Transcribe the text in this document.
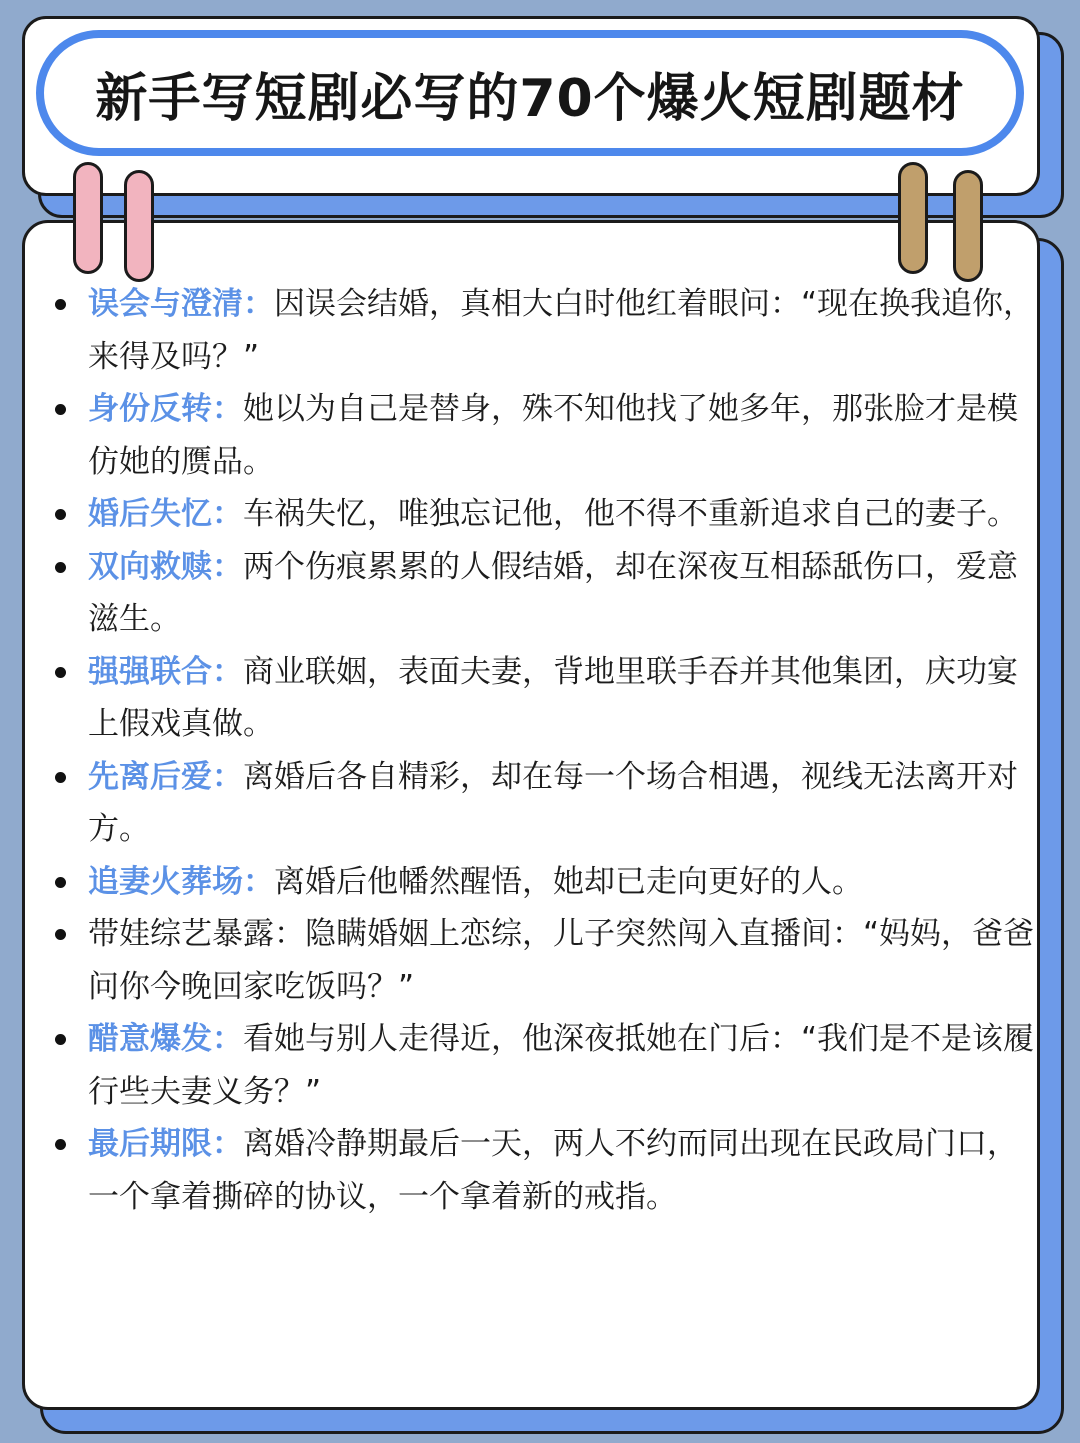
新手写短剧必写的70个爆火短剧题材
误会与澄清：因误会结婚，真相大白时他红着眼问：“现在换我追你，来得及吗？”
身份反转：她以为自己是替身，殊不知他找了她多年，那张脸才是模仿她的赝品。
婚后失忆：车祸失忆，唯独忘记他，他不得不重新追求自己的妻子。
双向救赎：两个伤痕累累的人假结婚，却在深夜互相舔舐伤口，爱意滋生。
强强联合：商业联姻，表面夫妻，背地里联手吞并其他集团，庆功宴上假戏真做。
先离后爱：离婚后各自精彩，却在每一个场合相遇，视线无法离开对方。
追妻火葬场：离婚后他幡然醒悟，她却已走向更好的人。
带娃综艺暴露：隐瞒婚姻上恋综，儿子突然闯入直播间：“妈妈，爸爸问你今晚回家吃饭吗？”
醋意爆发：看她与别人走得近，他深夜抵她在门后：“我们是不是该履行些夫妻义务？”
最后期限：离婚冷静期最后一天，两人不约而同出现在民政局门口，一个拿着撕碎的协议，一个拿着新的戒指。
